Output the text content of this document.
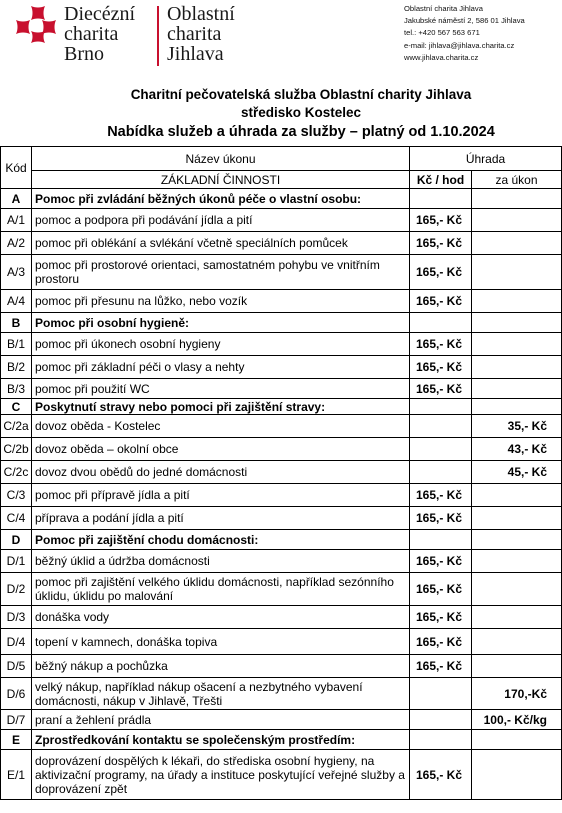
Diecézní
charita
Brno
Oblastní
charita
Jihlava
Oblastní charita Jihlava
Jakubské náměstí 2, 586 01 Jihlava
tel.: +420 567 563 671
e-mail: jihlava@jihlava.charita.cz
www.jihlava.charita.cz
Charitní pečovatelská služba Oblastní charity Jihlava
středisko Kostelec
Nabídka služeb a úhrada za služby – platný od 1.10.2024
Kód	Název úkonu	Úhrada	
	ZÁKLADNÍ ČINNOSTI	Kč / hod	za úkon
A	Pomoc při zvládání běžných úkonů péče o vlastní osobu:		
A/1	pomoc a podpora při podávání jídla a pití	165,- Kč	
A/2	pomoc při oblékání a svlékání včetně speciálních pomůcek	165,- Kč	
A/3	pomoc při prostorové orientaci, samostatném pohybu ve vnitřním prostoru	165,- Kč	
A/4	pomoc při přesunu na lůžko, nebo vozík	165,- Kč	
B	Pomoc při osobní hygieně:		
B/1	pomoc při úkonech osobní hygieny	165,- Kč	
B/2	pomoc při základní péči o vlasy a nehty	165,- Kč	
B/3	pomoc při použití WC	165,- Kč	
C	Poskytnutí stravy nebo pomoci při zajištění stravy:		
C/2a	dovoz oběda - Kostelec		35,- Kč
C/2b	dovoz oběda – okolní obce		43,- Kč
C/2c	dovoz dvou obědů do jedné domácnosti		45,- Kč
C/3	pomoc při přípravě jídla a pití	165,- Kč	
C/4	příprava a podání jídla a pití	165,- Kč	
D	Pomoc při zajištění chodu domácnosti:		
D/1	běžný úklid a údržba domácnosti	165,- Kč	
D/2	pomoc při zajištění velkého úklidu domácnosti, například sezónního úklidu, úklidu po malování	165,- Kč	
D/3	donáška vody	165,- Kč	
D/4	topení v kamnech, donáška topiva	165,- Kč	
D/5	běžný nákup a pochůzka	165,- Kč	
D/6	velký nákup, například nákup ošacení a nezbytného vybavení domácnosti, nákup v Jihlavě, Třešti		170,-Kč
D/7	praní a žehlení prádla		100,- Kč/kg
E	Zprostředkování kontaktu se společenským prostředím:		
E/1	doprovázení dospělých k lékaři, do střediska osobní hygieny, na aktivizační programy, na úřady a instituce poskytující veřejné služby a doprovázení zpět	165,- Kč	
